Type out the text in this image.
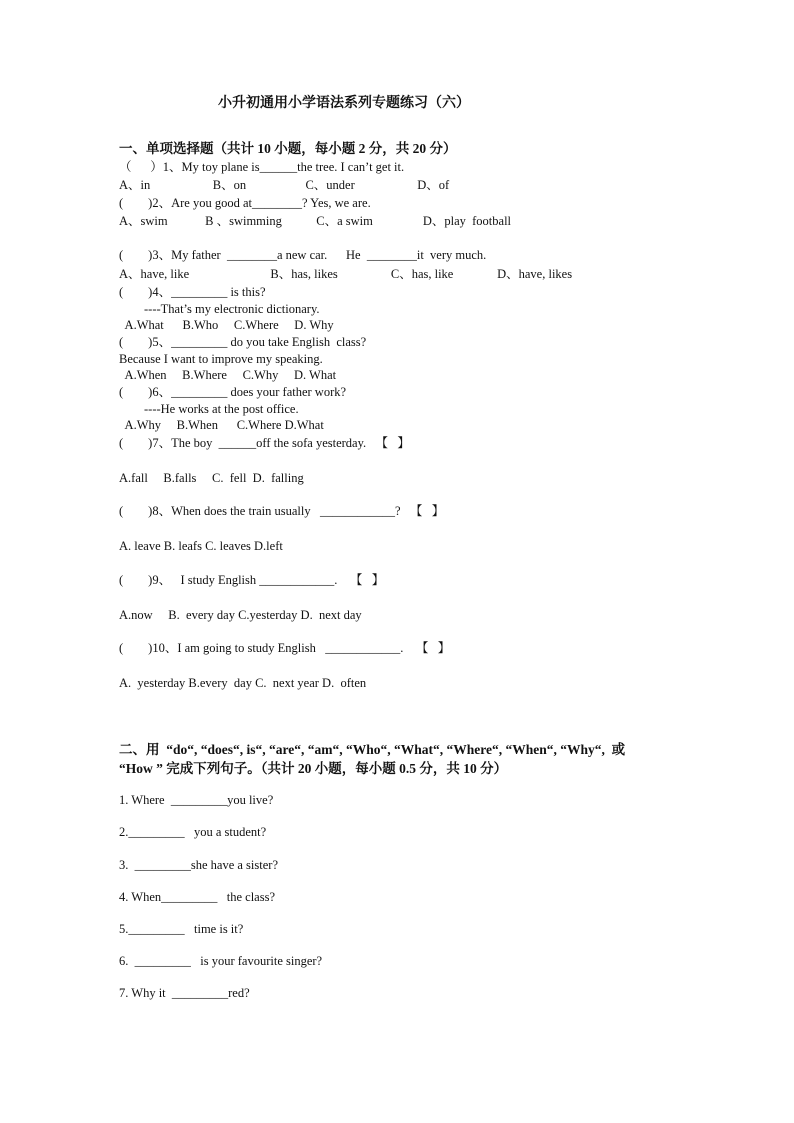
小升初通用小学语法系列专题练习（六）
一、单项选择题（共计 10 小题，每小题 2 分，共 20 分）
（      ）1、My toy plane is______the tree. I can’t get it.
A、in                    B、on                   C、under                    D、of
(        )2、Are you good at________? Yes, we are.
A、swim            B 、swimming           C、a swim                D、play  football
(        )3、My father  ________a new car.      He  ________it  very much.
A、have, like                          B、has, likes                 C、has, like              D、have, likes
(        )4、_________ is this?
----That’s my electronic dictionary.
A.What      B.Who     C.Where     D. Why
(        )5、_________ do you take English  class?
Because I want to improve my speaking.
A.When     B.Where     C.Why     D. What
(        )6、_________ does your father work?
----He works at the post office.
A.Why     B.When      C.Where D.What
(        )7、The boy  ______off the sofa yesterday.   【   】
A.fall     B.falls     C.  fell  D.  falling
(        )8、When does the train usually   ____________?   【   】
A. leave B. leafs C. leaves D.left
(        )9、   I study English ____________.    【   】
A.now     B.  every day C.yesterday D.  next day
(        )10、I am going to study English   ____________.    【   】
A.  yesterday B.every  day C.  next year D.  often
二、用  “do“, “does“, is“, “are“, “am“, “Who“, “What“, “Where“, “When“, “Why“,  或
“How ” 完成下列句子。（共计 20 小题，每小题 0.5 分，共 10 分）
1. Where  _________you live?
2._________   you a student?
3.  _________she have a sister?
4. When_________   the class?
5._________   time is it?
6.  _________   is your favourite singer?
7. Why it  _________red?
